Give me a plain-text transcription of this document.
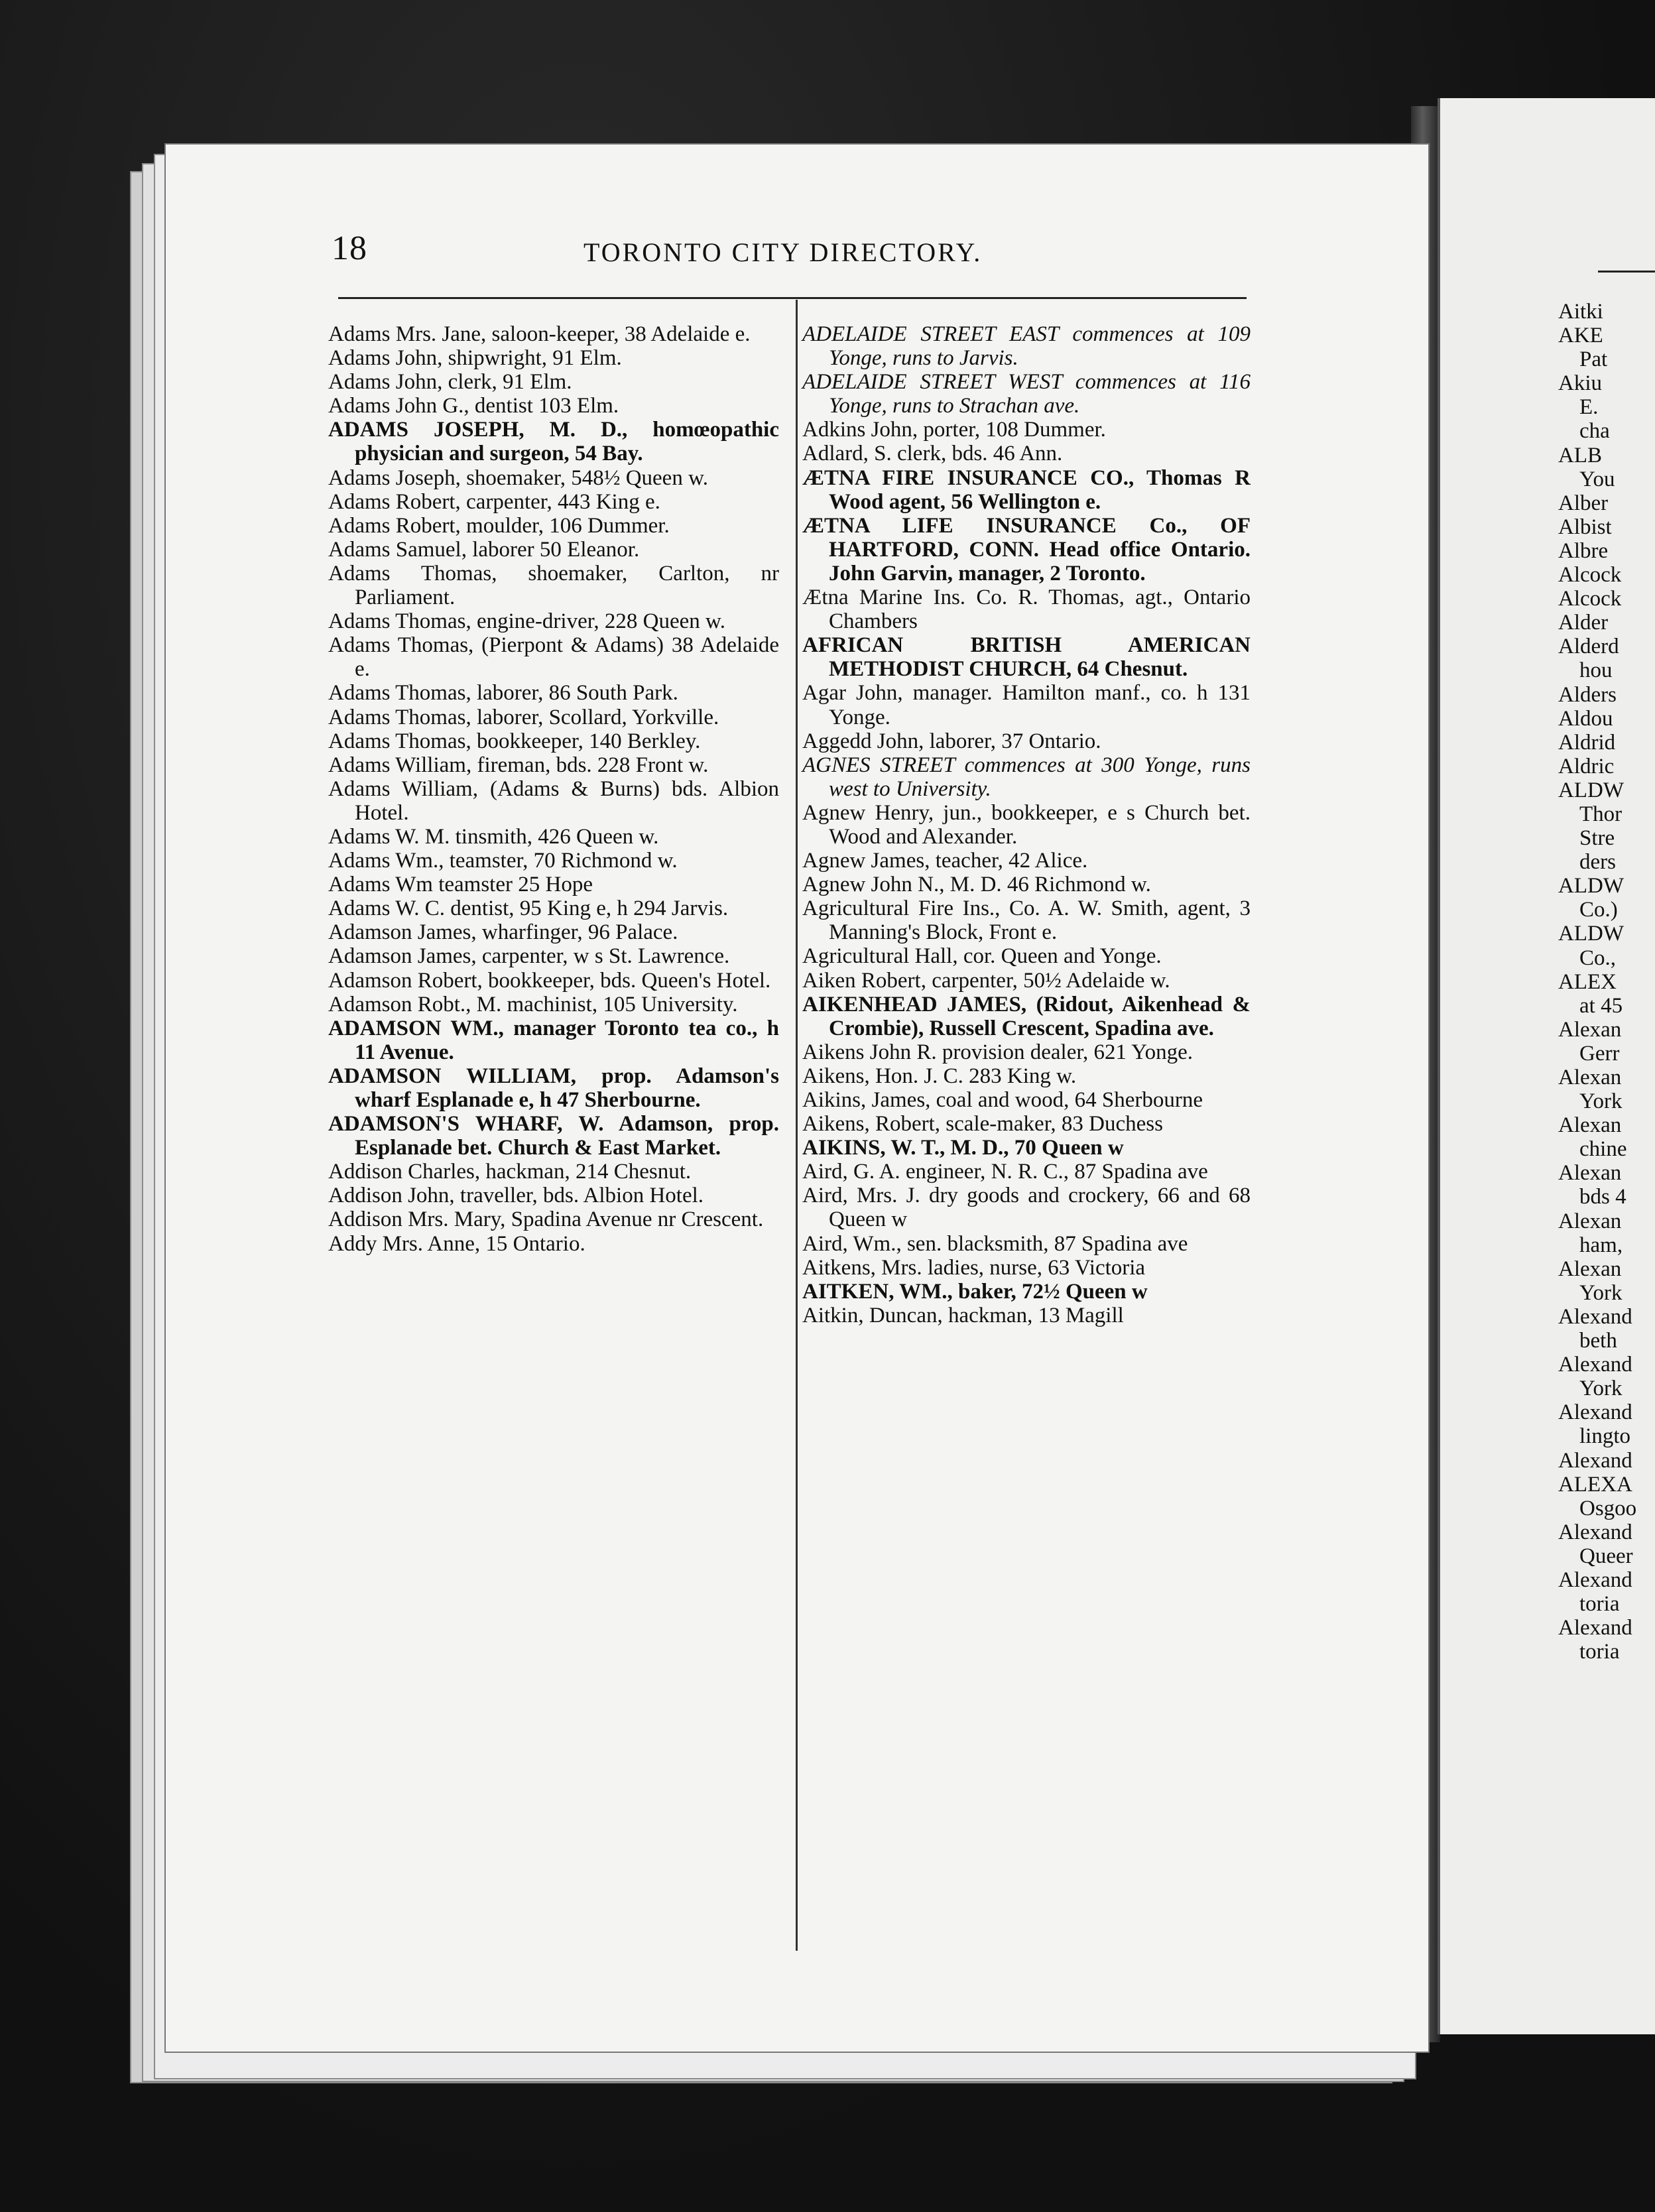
18	TORONTO CITY DIRECTORY.

Adams Mrs. Jane, saloon-keeper, 38 Adelaide e.

Adams John, shipwright, 91 Elm.

Adams John, clerk, 91 Elm.

Adams John G., dentist 103 Elm.

ADAMS JOSEPH, M. D., homœopathic physician and surgeon, 54 Bay.

Adams Joseph, shoemaker, 548½ Queen w.

Adams Robert, carpenter, 443 King e.

Adams Robert, moulder, 106 Dummer.

Adams Samuel, laborer 50 Eleanor.

Adams Thomas, shoemaker, Carlton, nr Parliament.

Adams Thomas, engine-driver, 228 Queen w.

Adams Thomas, (Pierpont & Adams) 38 Adelaide e.

Adams Thomas, laborer, 86 South Park.

Adams Thomas, laborer, Scollard, Yorkville.

Adams Thomas, bookkeeper, 140 Berkley.

Adams William, fireman, bds. 228 Front w.

Adams William, (Adams & Burns) bds. Albion Hotel.

Adams W. M. tinsmith, 426 Queen w.

Adams Wm., teamster, 70 Richmond w.

Adams Wm teamster 25 Hope

Adams W. C. dentist, 95 King e, h 294 Jarvis.

Adamson James, wharfinger, 96 Palace.

Adamson James, carpenter, w s St. Lawrence.

Adamson Robert, bookkeeper, bds. Queen's Hotel.

Adamson Robt., M. machinist, 105 University.

ADAMSON WM., manager Toronto tea co., h 11 Avenue.

ADAMSON WILLIAM, prop. Adamson's wharf Esplanade e, h 47 Sherbourne.

ADAMSON'S WHARF, W. Adamson, prop. Esplanade bet. Church & East Market.

Addison Charles, hackman, 214 Chesnut.

Addison John, traveller, bds. Albion Hotel.

Addison Mrs. Mary, Spadina Avenue nr Crescent.

Addy Mrs. Anne, 15 Ontario.

ADELAIDE STREET EAST commences at 109 Yonge, runs to Jarvis.

ADELAIDE STREET WEST commences at 116 Yonge, runs to Strachan ave.

Adkins John, porter, 108 Dummer.

Adlard, S. clerk, bds. 46 Ann.

ÆTNA FIRE INSURANCE CO., Thomas R Wood agent, 56 Wellington e.

ÆTNA LIFE INSURANCE Co., OF HARTFORD, CONN. Head office Ontario. John Garvin, manager, 2 Toronto.

Ætna Marine Ins. Co. R. Thomas, agt., Ontario Chambers

AFRICAN BRITISH AMERICAN METHODIST CHURCH, 64 Chesnut.

Agar John, manager. Hamilton manf., co. h 131 Yonge.

Aggedd John, laborer, 37 Ontario.

AGNES STREET commences at 300 Yonge, runs west to University.

Agnew Henry, jun., bookkeeper, e s Church bet. Wood and Alexander.

Agnew James, teacher, 42 Alice.

Agnew John N., M. D. 46 Richmond w.

Agricultural Fire Ins., Co. A. W. Smith, agent, 3 Manning's Block, Front e.

Agricultural Hall, cor. Queen and Yonge.

Aiken Robert, carpenter, 50½ Adelaide w.

AIKENHEAD JAMES, (Ridout, Aikenhead & Crombie), Russell Crescent, Spadina ave.

Aikens John R. provision dealer, 621 Yonge.

Aikens, Hon. J. C. 283 King w.

Aikins, James, coal and wood, 64 Sherbourne

Aikens, Robert, scale-maker, 83 Duchess

AIKINS, W. T., M. D., 70 Queen w

Aird, G. A. engineer, N. R. C., 87 Spadina ave

Aird, Mrs. J. dry goods and crockery, 66 and 68 Queen w

Aird, Wm., sen. blacksmith, 87 Spadina ave

Aitkens, Mrs. ladies, nurse, 63 Victoria

AITKEN, WM., baker, 72½ Queen w

Aitkin, Duncan, hackman, 13 Magill

Aitki
AKE
Pat
Akiu
E.
cha
ALB
You
Alber
Albist
Albre
Alcock
Alcock
Alder
Alderd
hou
Alders
Aldou
Aldrid
Aldric
ALDW
Thor
Stre
ders
ALDW
Co.)
ALDW
Co.,
ALEX
at 45
Alexan
Gerr
Alexan
York
Alexan
chine
Alexan
bds 4
Alexan
ham,
Alexan
York
Alexand
beth
Alexand
York
Alexand
lingto
Alexand
ALEXA
Osgoo
Alexand
Queer
Alexand
toria
Alexand
toria
